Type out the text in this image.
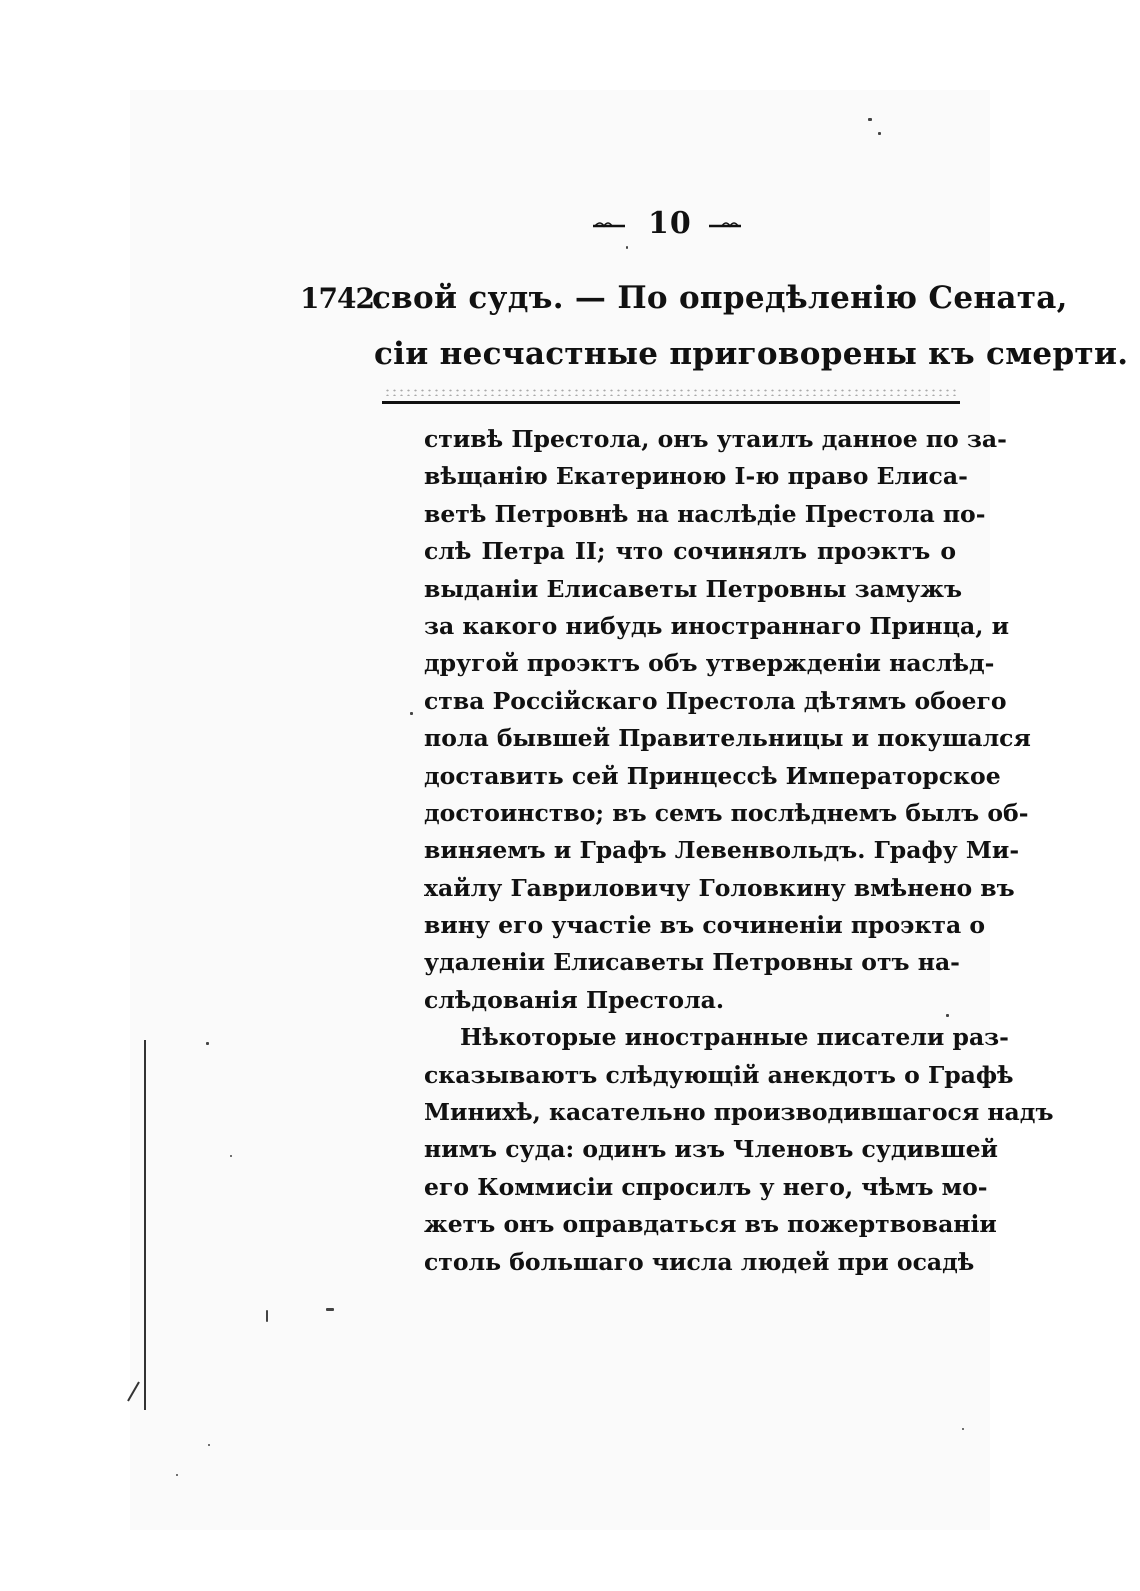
10
1742.
свой судъ. — По опредѣленію Сената,
сіи несчастные приговорены къ смерти.
стивѣ Престола, онъ утаилъ данное по за-
вѣщанію Екатериною I-ю право Елиса-
ветѣ Петровнѣ на наслѣдіе Престола по-
слѣ Петра II; что сочинялъ проэктъ о
выданіи Елисаветы Петровны замужъ
за какого нибудь иностраннаго Принца, и
другой проэктъ объ утвержденіи наслѣд-
ства Россійскаго Престола дѣтямъ обоего
пола бывшей Правительницы и покушался
доставить сей Принцессѣ Императорское
достоинство; въ семъ послѣднемъ былъ об-
виняемъ и Графъ Левенвольдъ. Графу Ми-
хайлу Гавриловичу Головкину вмѣнено въ
вину его участіе въ сочиненіи проэкта о
удаленіи Елисаветы Петровны отъ на-
слѣдованія Престола.
Нѣкоторые иностранные писатели раз-
сказываютъ слѣдующій анекдотъ о Графѣ
Минихѣ, касательно производившагося надъ
нимъ суда: одинъ изъ Членовъ судившей
его Коммисіи спросилъ у него, чѣмъ мо-
жетъ онъ оправдаться въ пожертвованіи
столь большаго числа людей при осадѣ
